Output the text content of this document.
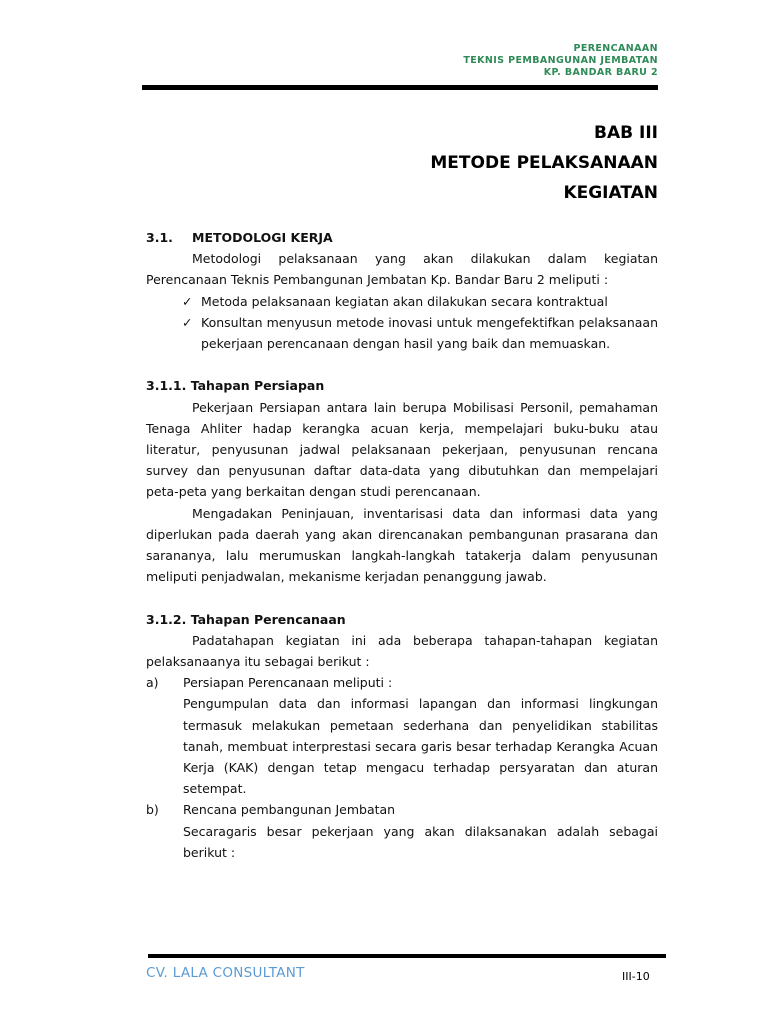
PERENCANAAN
TEKNIS PEMBANGUNAN JEMBATAN
KP. BANDAR BARU 2
BAB III
METODE PELAKSANAAN
KEGIATAN

3.1. METODOLOGI KERJA

Metodologi pelaksanaan yang akan dilakukan dalam kegiatan Perencanaan Teknis Pembangunan Jembatan Kp. Bandar Baru 2 meliputi :

✓ Metoda pelaksanaan kegiatan akan dilakukan secara kontraktual
✓ Konsultan menyusun metode inovasi untuk mengefektifkan pelaksanaan pekerjaan perencanaan dengan hasil yang baik dan memuaskan.

3.1.1. Tahapan Persiapan

Pekerjaan Persiapan antara lain berupa Mobilisasi Personil, pemahaman Tenaga Ahliter hadap kerangka acuan kerja, mempelajari buku-buku atau literatur, penyusunan jadwal pelaksanaan pekerjaan, penyusunan rencana survey dan penyusunan daftar data-data yang dibutuhkan dan mempelajari peta-peta yang berkaitan dengan studi perencanaan.

Mengadakan Peninjauan, inventarisasi data dan informasi data yang diperlukan pada daerah yang akan direncanakan pembangunan prasarana dan sarananya, lalu merumuskan langkah-langkah tatakerja dalam penyusunan meliputi penjadwalan, mekanisme kerjadan penanggung jawab.

3.1.2. Tahapan Perencanaan

Padatahapan kegiatan ini ada beberapa tahapan-tahapan kegiatan pelaksanaanya itu sebagai berikut :

a) Persiapan Perencanaan meliputi :
Pengumpulan data dan informasi lapangan dan informasi lingkungan termasuk melakukan pemetaan sederhana dan penyelidikan stabilitas tanah, membuat interprestasi secara garis besar terhadap Kerangka Acuan Kerja (KAK) dengan tetap mengacu terhadap persyaratan dan aturan setempat.
b) Rencana pembangunan Jembatan
Secaragaris besar pekerjaan yang akan dilaksanakan adalah sebagai berikut :
CV. LALA CONSULTANT	III-10
